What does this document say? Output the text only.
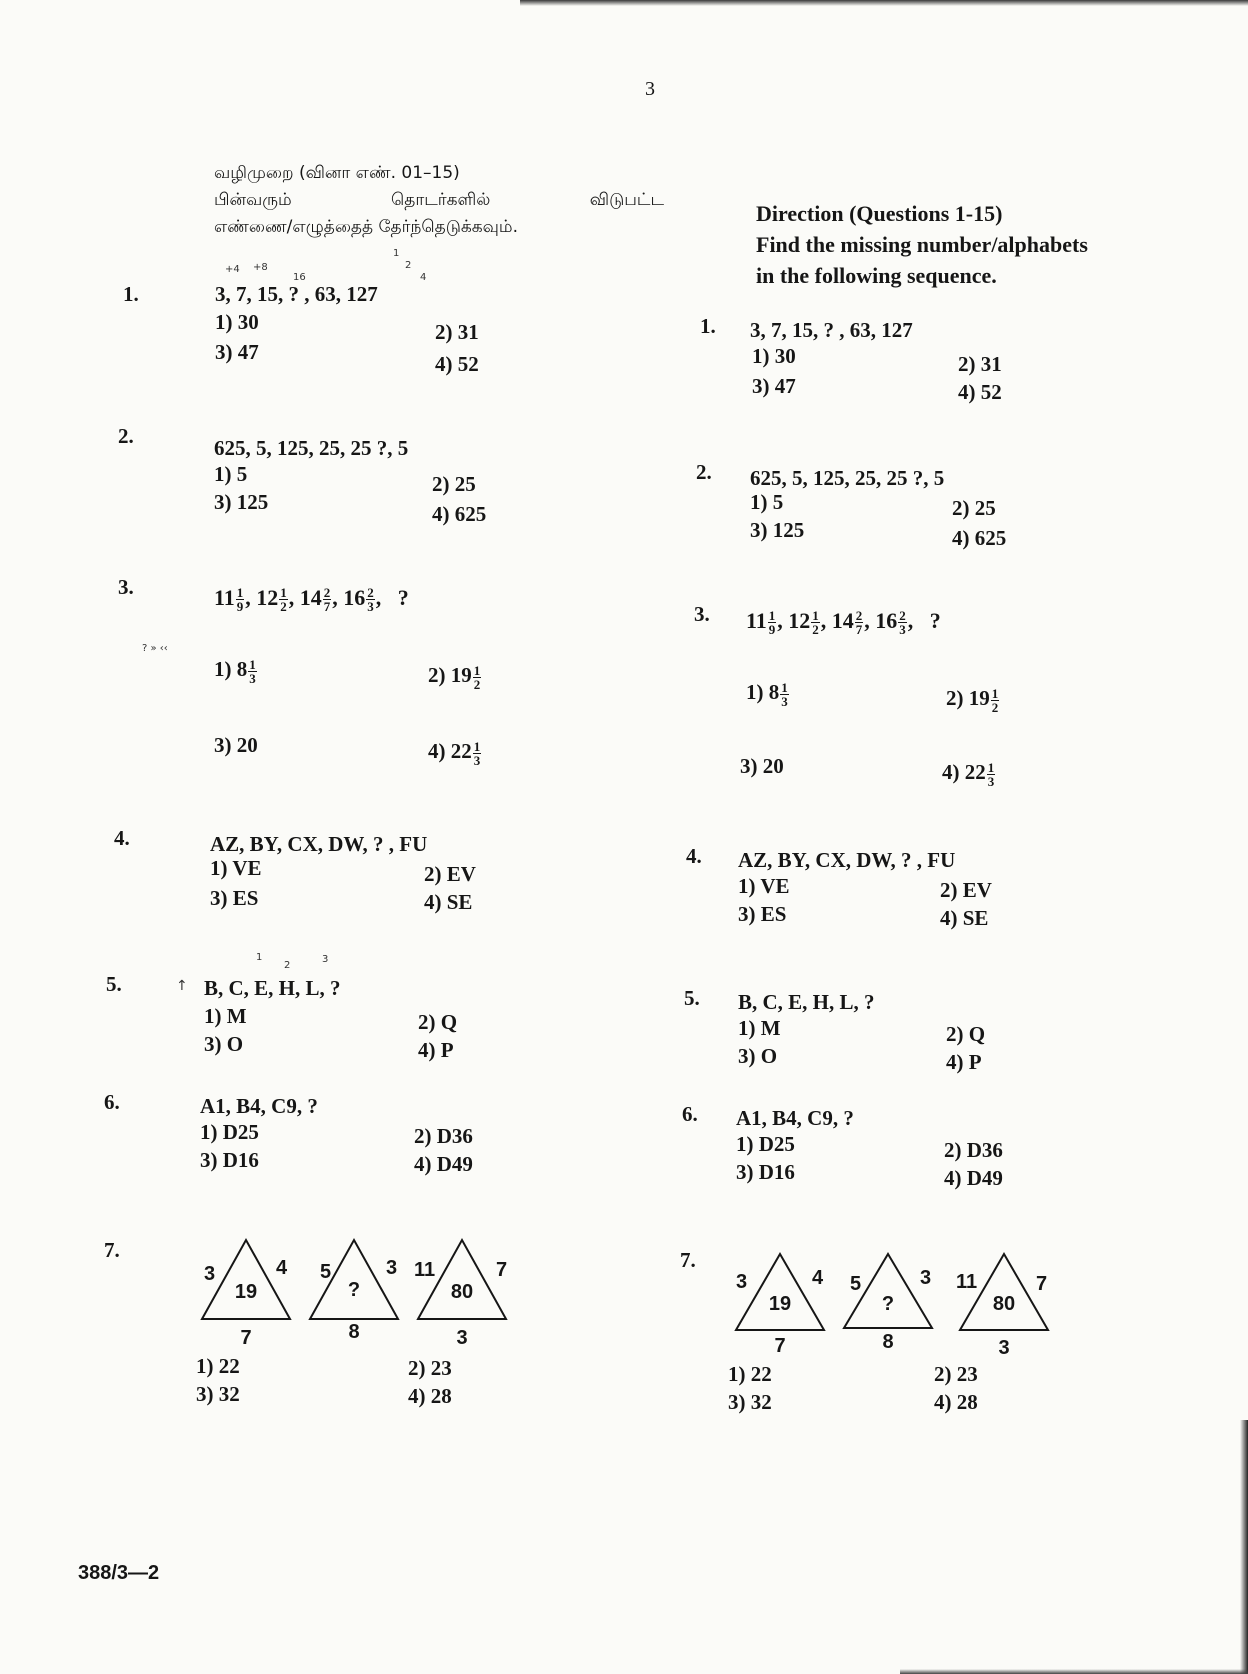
3
வழிமுறை (வினா எண். 01–15)
பின்வரும்	தொடர்களில்	விடுபட்ட
எண்ணை/எழுத்தைத் தேர்ந்தெடுக்கவும்.
Direction (Questions 1-15)
Find the missing number/alphabets
in the following sequence.
1.	3, 7, 15, ? , 63, 127
+4 +8
16
1
2
4
1) 30	2) 31
3) 47	4) 52
2.	625, 5, 125, 25, 25 ?, 5
1) 5	2) 25
3) 125	4) 625
3.	$11 \frac{1}{9}$ , $12 \frac{1}{2}$ , $14 \frac{2}{7}$ , $16 \frac{2}{3}$ ,   ?
? » ‹‹
1) $8 \frac{1}{3}$	2) $19 \frac{1}{2}$
3) 20	4) $22 \frac{1}{3}$
4.	AZ, BY, CX, DW, ? , FU
1) VE	2) EV
3) ES	4) SE
5.	↑ B, C, E, H, L, ?
1
2
3
1) M	2) Q
3) O	4) P
6.	A1, B4, C9, ?
1) D25	2) D36
3) D16	4) D49
7.
3	4
19
7
5	3
?
8
11	7
80
3
1) 22	2) 23
3) 32	4) 28
1. 3, 7, 15, ? , 63, 127
1) 30	2) 31
3) 47	4) 52
2. 625, 5, 125, 25, 25 ?, 5
1) 5	2) 25
3) 125	4) 625
3. $11 \frac{1}{9}$ , $12 \frac{1}{2}$ , $14 \frac{2}{7}$ , $16 \frac{2}{3}$ ,   ?
1) $8 \frac{1}{3}$	2) $19 \frac{1}{2}$
3) 20	4) $22 \frac{1}{3}$
4. AZ, BY, CX, DW, ? , FU
1) VE	2) EV
3) ES	4) SE
5. B, C, E, H, L, ?
1) M	2) Q
3) O	4) P
6. A1, B4, C9, ?
1) D25	2) D36
3) D16	4) D49
7.
3	4
19
7
5	3
?
8
11	7
80
3
1) 22	2) 23
3) 32	4) 28
388/3—2
